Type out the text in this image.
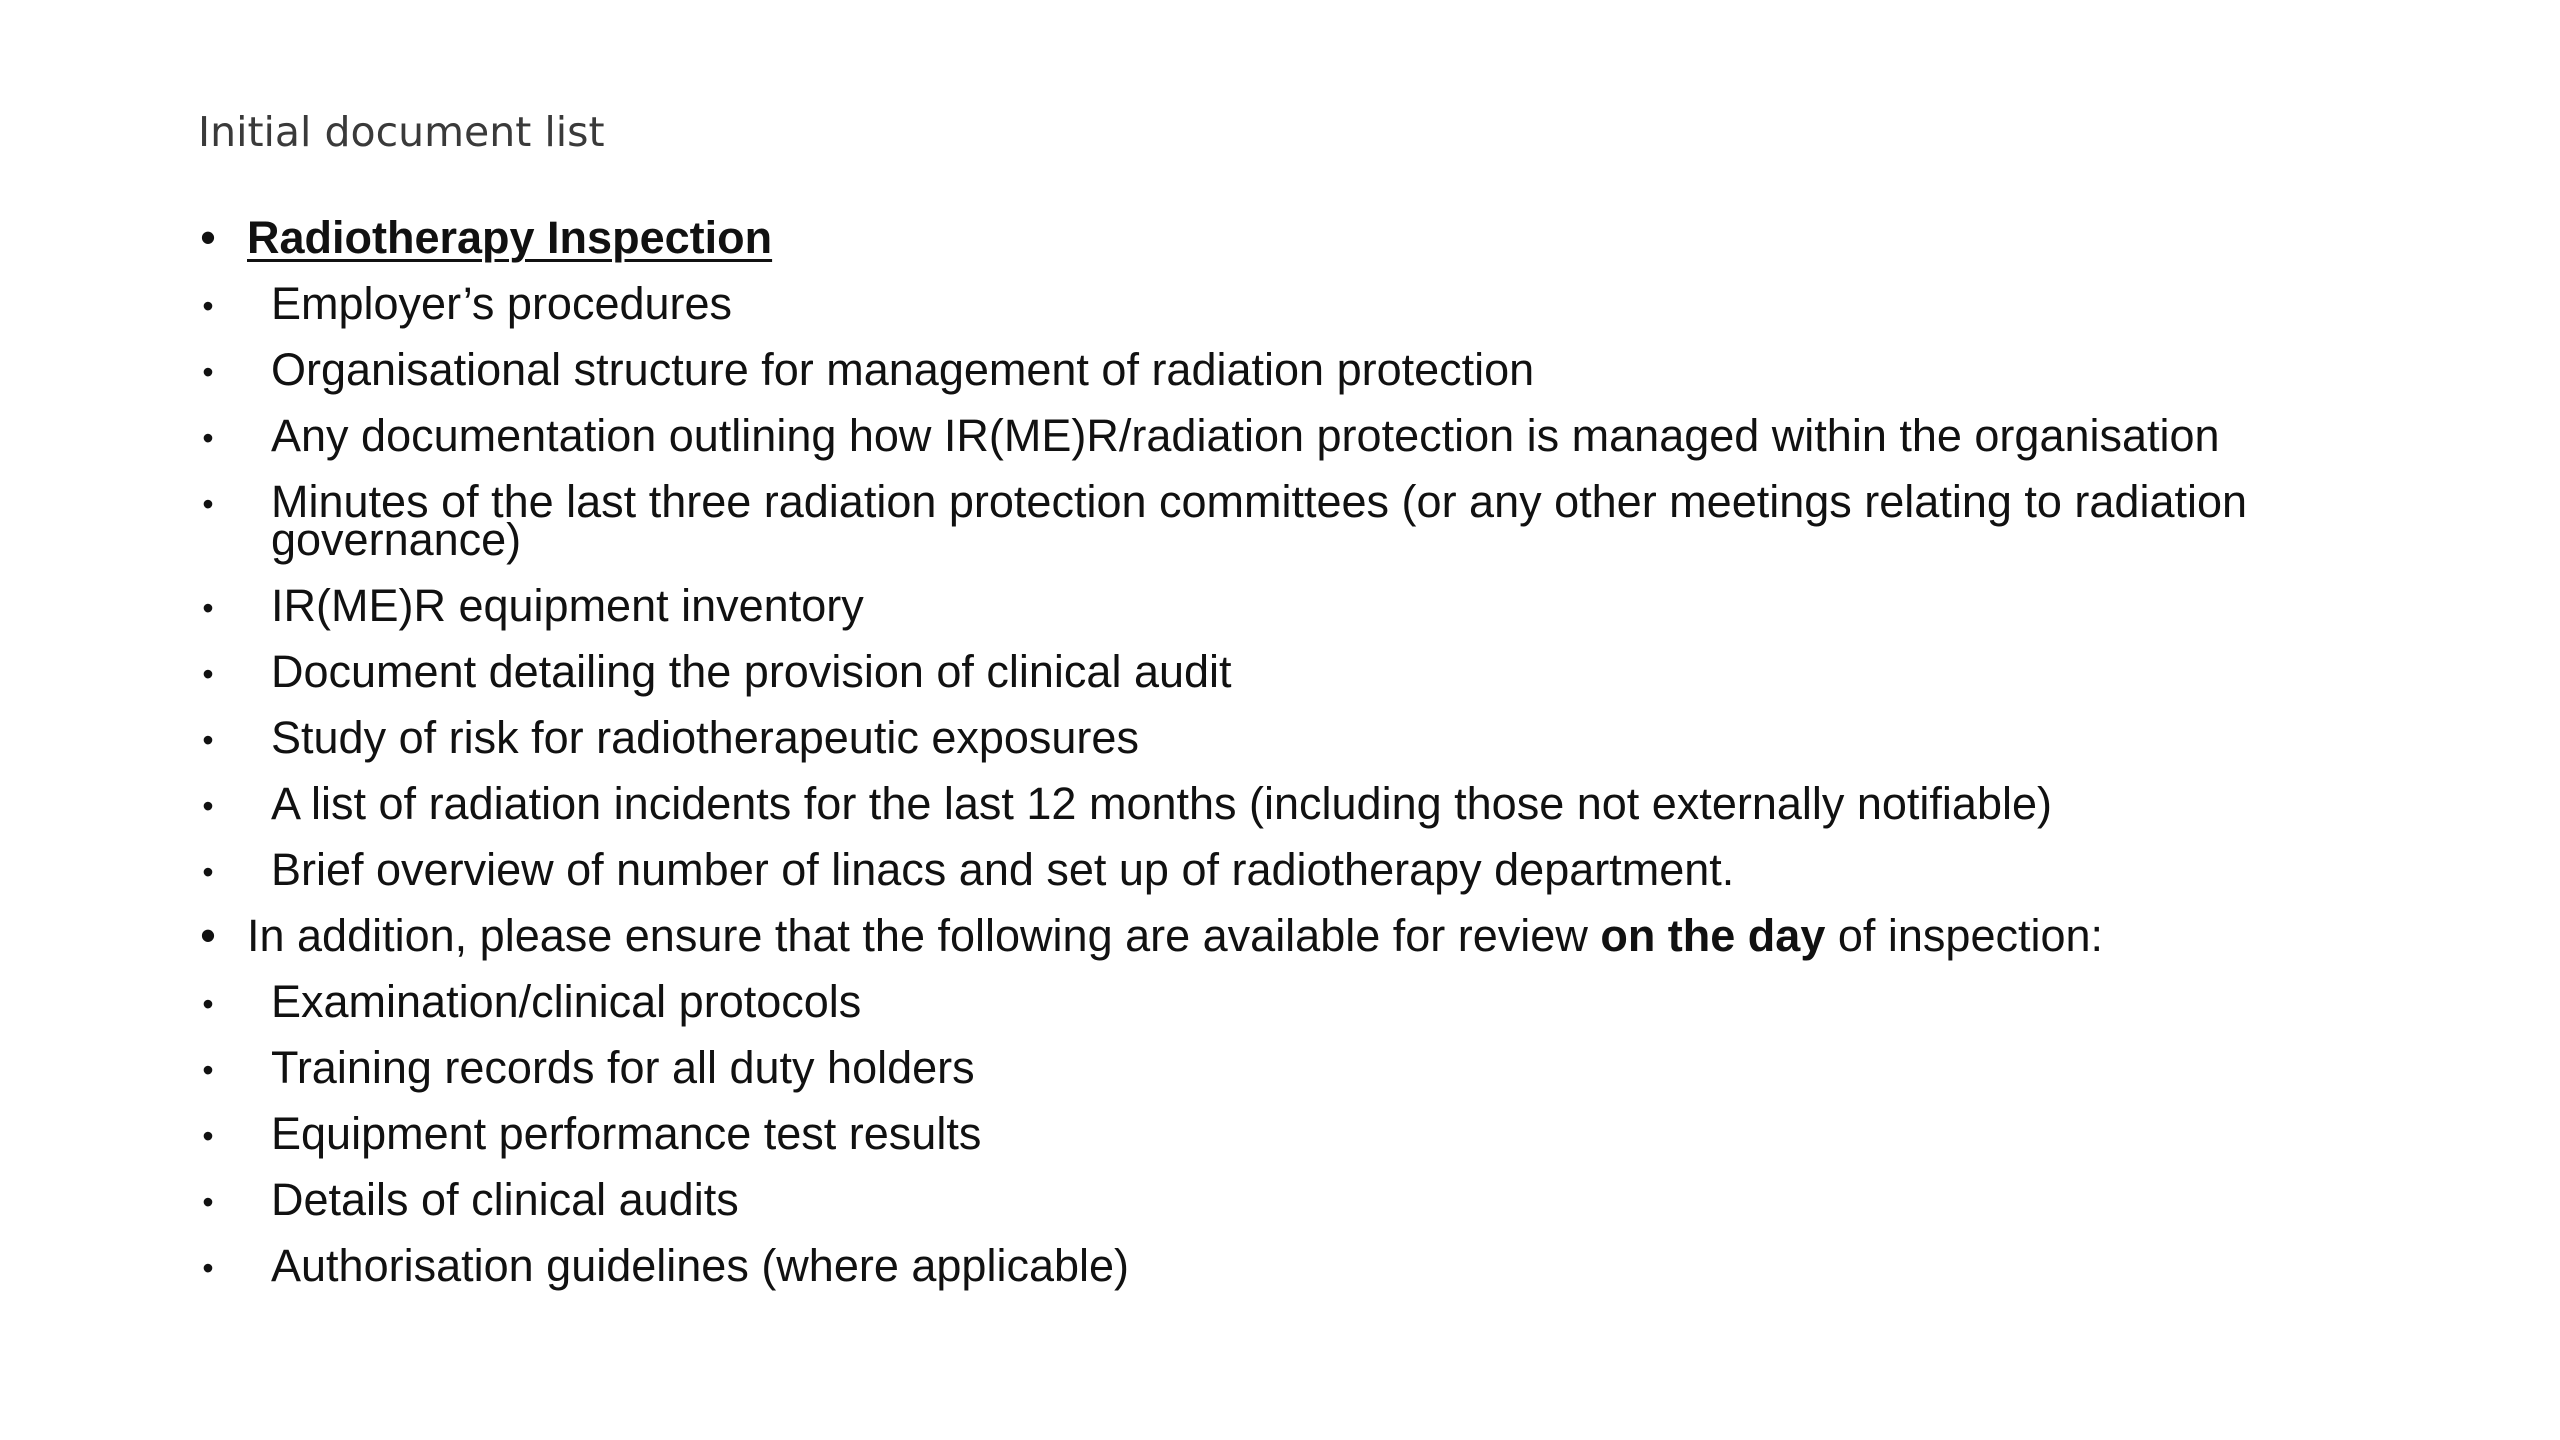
Initial document list
• Radiotherapy Inspection
• Employer’s procedures
• Organisational structure for management of radiation protection
• Any documentation outlining how IR(ME)R/radiation protection is managed within the organisation
• Minutes of the last three radiation protection committees (or any other meetings relating to radiation governance)
• IR(ME)R equipment inventory
• Document detailing the provision of clinical audit
• Study of risk for radiotherapeutic exposures
• A list of radiation incidents for the last 12 months (including those not externally notifiable)
• Brief overview of number of linacs and set up of radiotherapy department.
• In addition, please ensure that the following are available for review on the day of inspection:
• Examination/clinical protocols
• Training records for all duty holders
• Equipment performance test results
• Details of clinical audits
• Authorisation guidelines (where applicable)
